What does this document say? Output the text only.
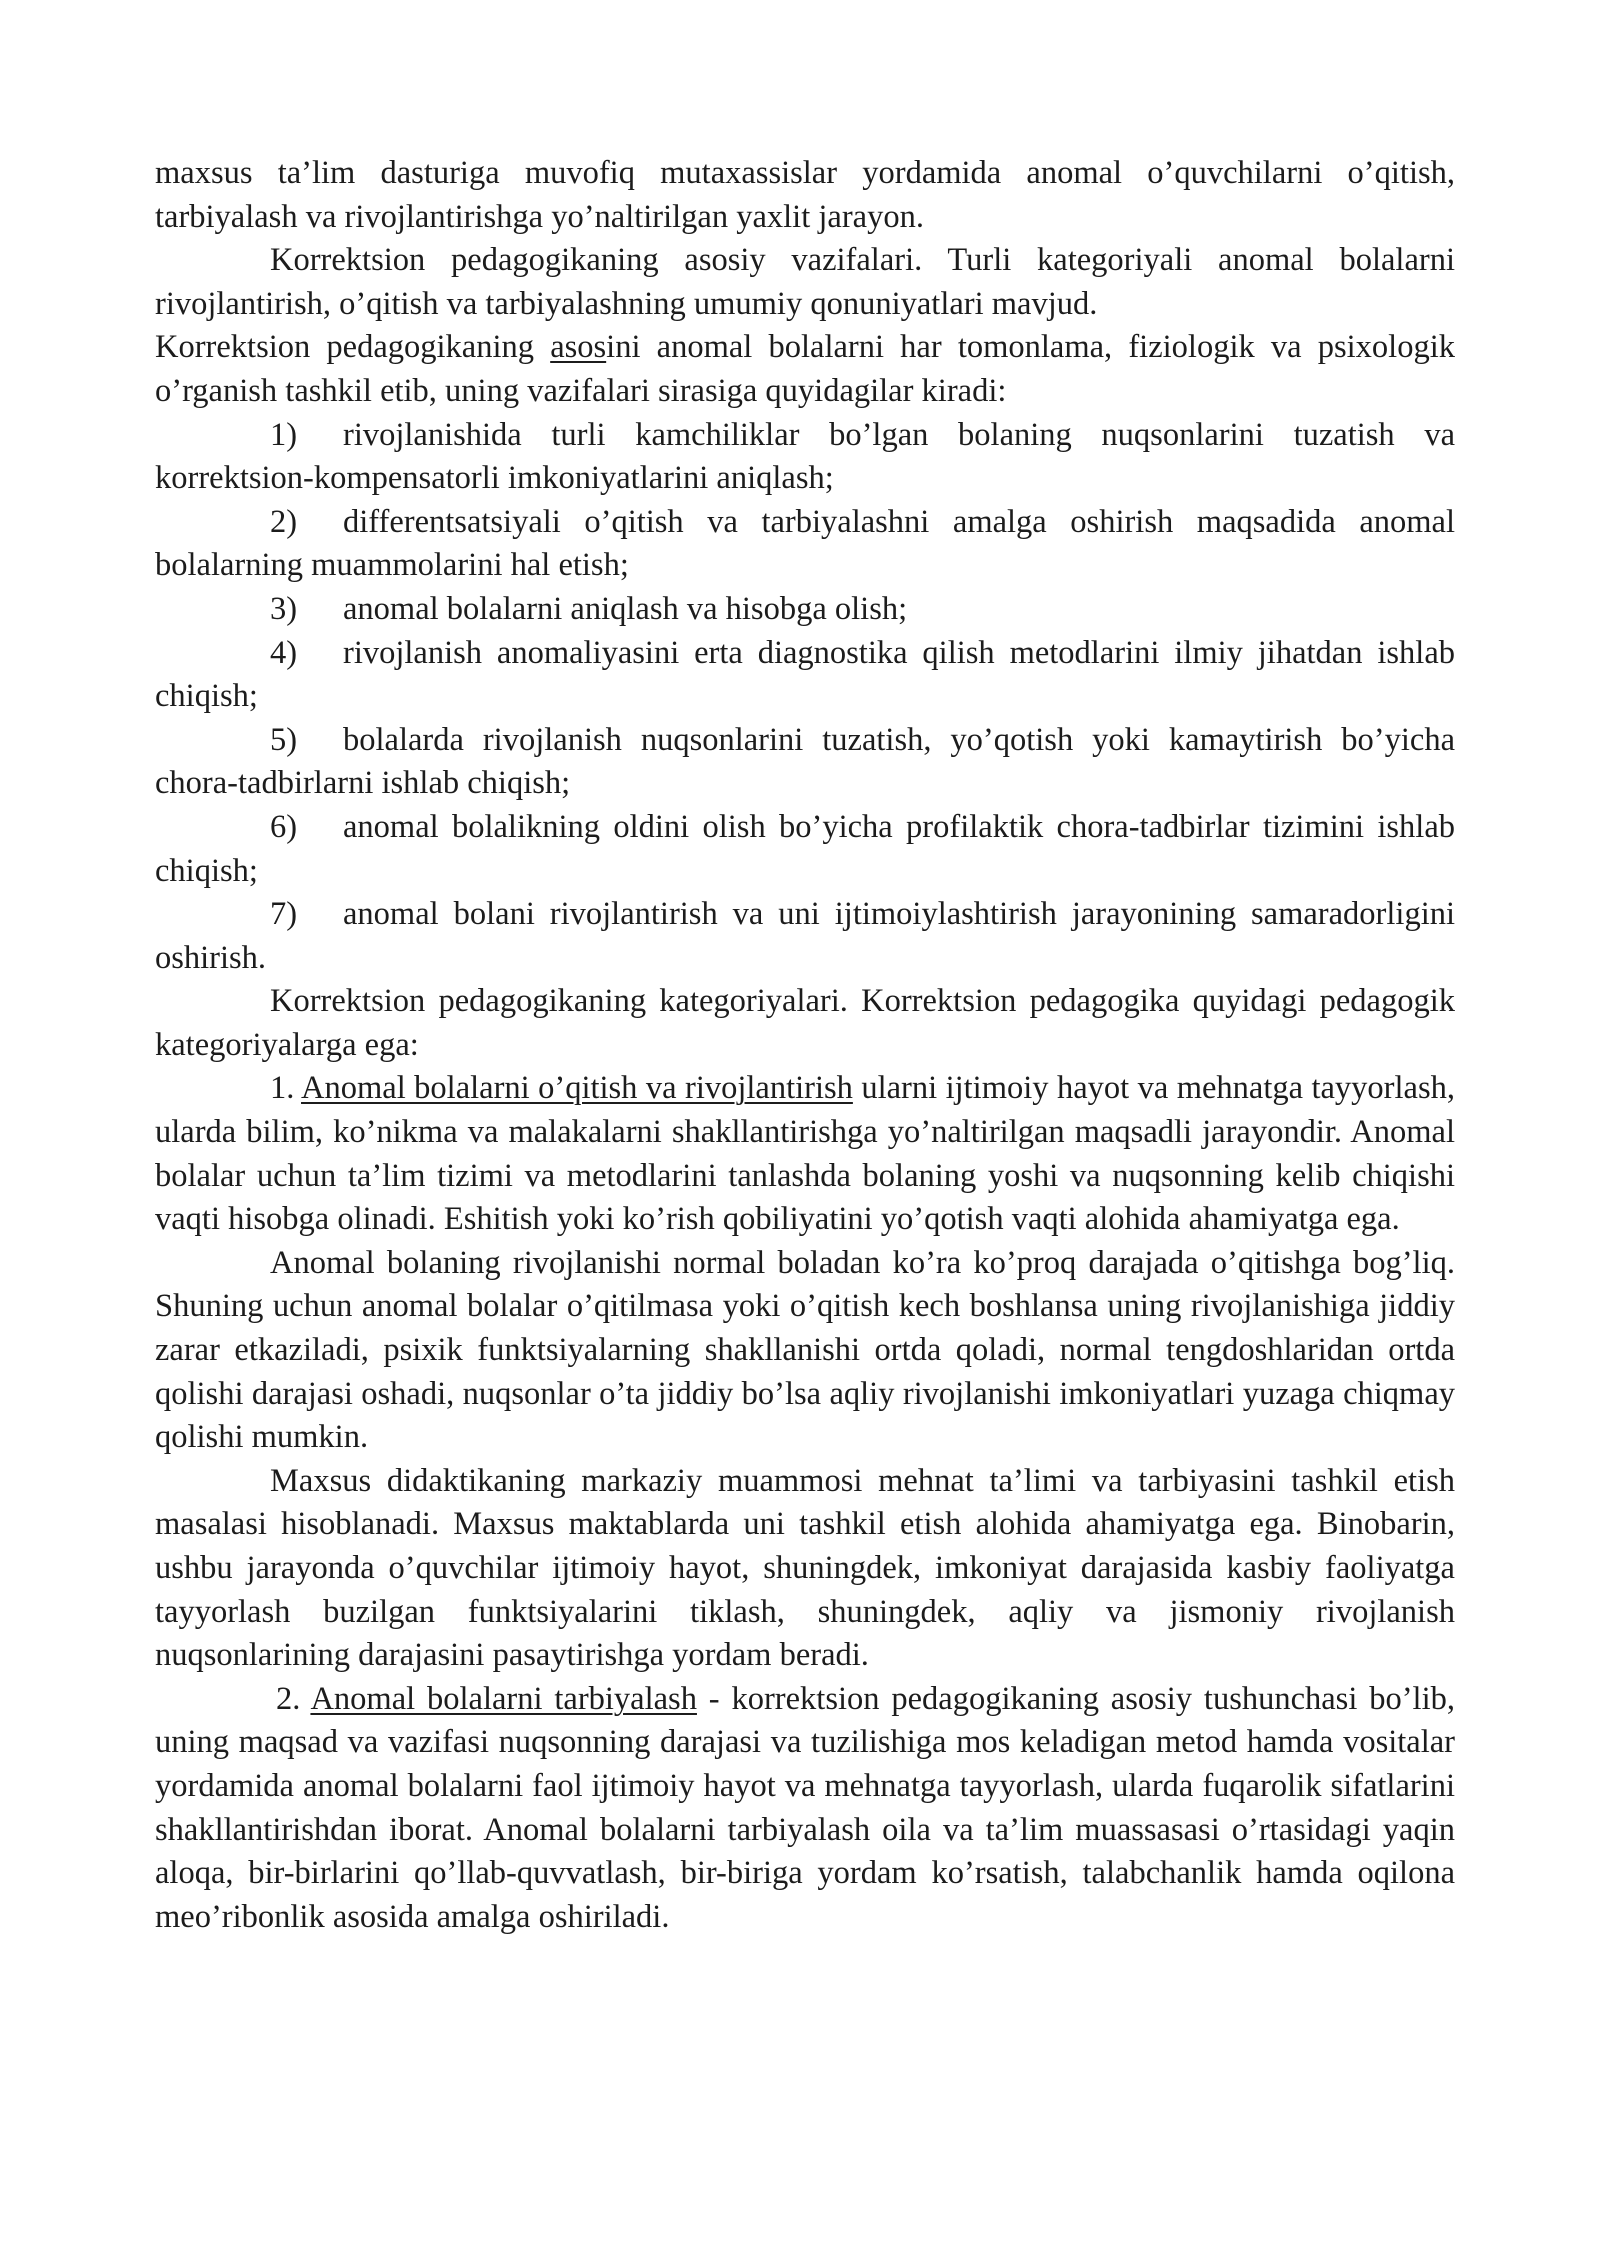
maxsus ta’lim dasturiga muvofiq mutaxassislar yordamida anomal o’quvchilarni o’qitish, tarbiyalash va rivojlantirishga yo’naltirilgan yaxlit jarayon.

Korrektsion pedagogikaning asosiy vazifalari. Turli kategoriyali anomal bolalarni rivojlantirish, o’qitish va tarbiyalashning umumiy qonuniyatlari mavjud.

Korrektsion pedagogikaning asosini anomal bolalarni har tomonlama, fiziologik va psixologik o’rganish tashkil etib, uning vazifalari sirasiga quyidagilar kiradi:

1) rivojlanishida turli kamchiliklar bo’lgan bolaning nuqsonlarini tuzatish va korrektsion-kompensatorli imkoniyatlarini aniqlash;

2) differentsatsiyali o’qitish va tarbiyalashni amalga oshirish maqsadida anomal bolalarning muammolarini hal etish;

3) anomal bolalarni aniqlash va hisobga olish;

4) rivojlanish anomaliyasini erta diagnostika qilish metodlarini ilmiy jihatdan ishlab chiqish;

5) bolalarda rivojlanish nuqsonlarini tuzatish, yo’qotish yoki kamaytirish bo’yicha chora-tadbirlarni ishlab chiqish;

6) anomal bolalikning oldini olish bo’yicha profilaktik chora-tadbirlar tizimini ishlab chiqish;

7) anomal bolani rivojlantirish va uni ijtimoiylashtirish jarayonining samaradorligini oshirish.

Korrektsion pedagogikaning kategoriyalari. Korrektsion pedagogika quyidagi pedagogik kategoriyalarga ega:

1. Anomal bolalarni o’qitish va rivojlantirish ularni ijtimoiy hayot va mehnatga tayyorlash, ularda bilim, ko’nikma va malakalarni shakllantirishga yo’naltirilgan maqsadli jarayondir. Anomal bolalar uchun ta’lim tizimi va metodlarini tanlashda bolaning yoshi va nuqsonning kelib chiqishi vaqti hisobga olinadi. Eshitish yoki ko’rish qobiliyatini yo’qotish vaqti alohida ahamiyatga ega.

Anomal bolaning rivojlanishi normal boladan ko’ra ko’proq darajada o’qitishga bog’liq. Shuning uchun anomal bolalar o’qitilmasa yoki o’qitish kech boshlansa uning rivojlanishiga jiddiy zarar etkaziladi, psixik funktsiyalarning shakllanishi ortda qoladi, normal tengdoshlaridan ortda qolishi darajasi oshadi, nuqsonlar o’ta jiddiy bo’lsa aqliy rivojlanishi imkoniyatlari yuzaga chiqmay qolishi mumkin.

Maxsus didaktikaning markaziy muammosi mehnat ta’limi va tarbiyasini tashkil etish masalasi hisoblanadi. Maxsus maktablarda uni tashkil etish alohida ahamiyatga ega. Binobarin, ushbu jarayonda o’quvchilar ijtimoiy hayot, shuningdek, imkoniyat darajasida kasbiy faoliyatga tayyorlash buzilgan funktsiyalarini tiklash, shuningdek, aqliy va jismoniy rivojlanish nuqsonlarining darajasini pasaytirishga yordam beradi.

2. Anomal bolalarni tarbiyalash - korrektsion pedagogikaning asosiy tushunchasi bo’lib, uning maqsad va vazifasi nuqsonning darajasi va tuzilishiga mos keladigan metod hamda vositalar yordamida anomal bolalarni faol ijtimoiy hayot va mehnatga tayyorlash, ularda fuqarolik sifatlarini shakllantirishdan iborat. Anomal bolalarni tarbiyalash oila va ta’lim muassasasi o’rtasidagi yaqin aloqa, bir-birlarini qo’llab-quvvatlash, bir-biriga yordam ko’rsatish, talabchanlik hamda oqilona meo’ribonlik asosida amalga oshiriladi.
